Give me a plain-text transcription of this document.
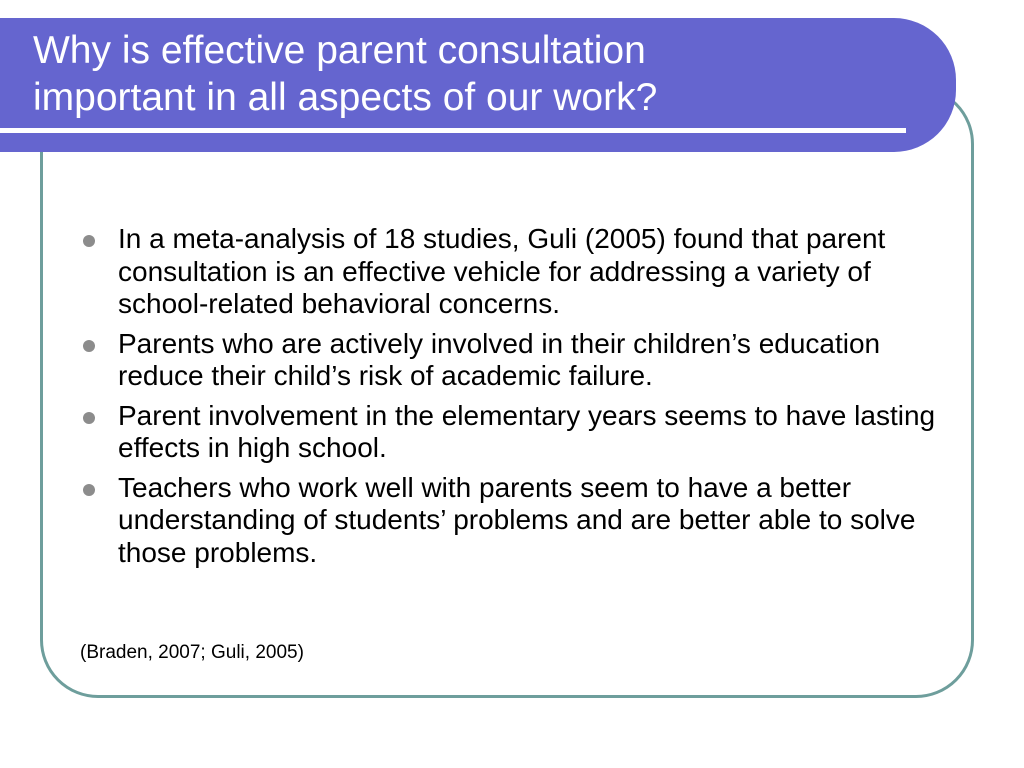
Why is effective parent consultation
important in all aspects of our work?
In a meta-analysis of 18 studies, Guli (2005) found that parent consultation is an effective vehicle for addressing a variety of school-related behavioral concerns.
Parents who are actively involved in their children’s education reduce their child’s risk of academic failure.
Parent involvement in the elementary years seems to have lasting effects in high school.
Teachers who work well with parents seem to have a better understanding of students’ problems and are better able to solve those problems.

(Braden, 2007; Guli, 2005)
